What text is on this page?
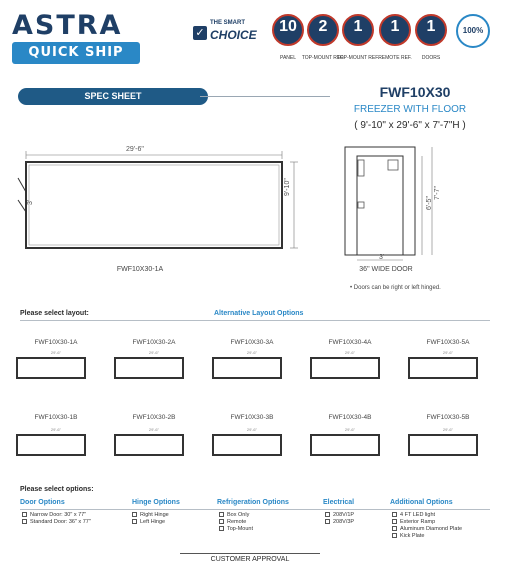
ASTRA
QUICK SHIP
✓
THE SMART
CHOICE	10	2	1	1	1
PANEL	TOP-MOUNT REF.
TOP-MOUNT REF. REMOTE REF.	DOORS
100%
SPEC SHEET	FWF10X30
FREEZER WITH FLOOR
( 9'-10" x 29'-6" x 7'-7"H )
29'-6"
9'-10"
3'
FWF10X30-1A
6'-5"
7'-7"
3'
36" WIDE DOOR
• Doors can be right or left hinged.
Please select layout:	Alternative Layout Options
FWF10X30-1A	FWF10X30-2A	FWF10X30-3A	FWF10X30-4A	FWF10X30-5A
29'-6"	29'-6"	29'-6"	29'-6"	29'-6"
FWF10X30-1B	FWF10X30-2B	FWF10X30-3B	FWF10X30-4B	FWF10X30-5B
29'-6"	29'-6"	29'-6"	29'-6"	29'-6"
Please select options:
Door Options
Narrow Door: 30" x 77"
Standard Door: 36" x 77"
Hinge Options
Right Hinge
Left Hinge
Refrigeration Options
Box Only
Remote
Top-Mount
Electrical
208V/1P
208V/3P
Additional Options
4 FT LED light
Exterior Ramp
Aluminum Diamond Plate
Kick Plate
CUSTOMER APPROVAL
